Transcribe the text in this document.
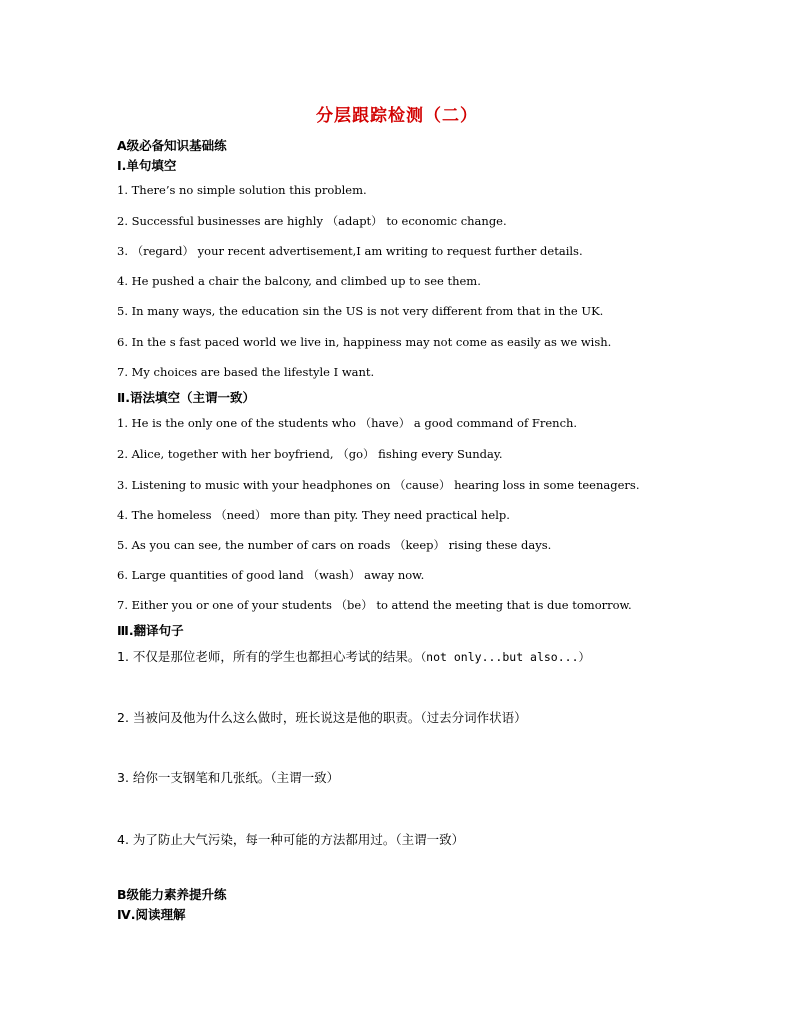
分层跟踪检测（二）
A级必备知识基础练
Ⅰ.单句填空
1. There’s no simple solution this problem.
2. Successful businesses are highly （adapt） to economic change.
3. （regard） your recent advertisement,I am writing to request further details.
4. He pushed a chair the balcony, and climbed up to see them.
5. In many ways, the education sin the US is not very different from that in the UK.
6. In the s fast paced world we live in, happiness may not come as easily as we wish.
7. My choices are based the lifestyle I want.
Ⅱ.语法填空（主谓一致）
1. He is the only one of the students who （have） a good command of French.
2. Alice, together with her boyfriend, （go） fishing every Sunday.
3. Listening to music with your headphones on （cause） hearing loss in some teenagers.
4. The homeless （need） more than pity. They need practical help.
5. As you can see, the number of cars on roads （keep） rising these days.
6. Large quantities of good land （wash） away now.
7. Either you or one of your students （be） to attend the meeting that is due tomorrow.
Ⅲ.翻译句子
1. 不仅是那位老师，所有的学生也都担心考试的结果。（not only...but also...）
2. 当被问及他为什么这么做时，班长说这是他的职责。（过去分词作状语）
3. 给你一支钢笔和几张纸。（主谓一致）
4. 为了防止大气污染，每一种可能的方法都用过。（主谓一致）
B级能力素养提升练
Ⅳ.阅读理解
